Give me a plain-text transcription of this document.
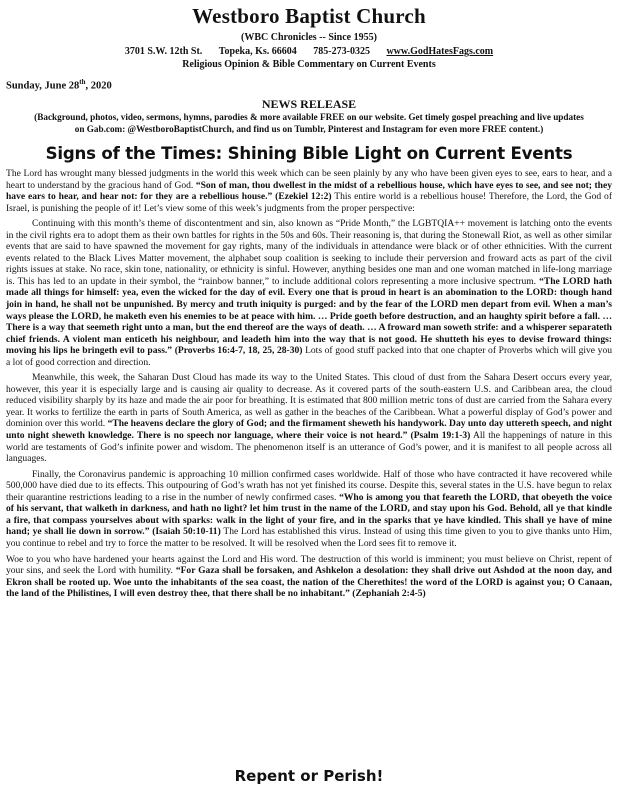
Westboro Baptist Church
(WBC Chronicles -- Since 1955)
3701 S.W. 12th St. Topeka, Ks. 66604 785-273-0325 www.GodHatesFags.com
Religious Opinion & Bible Commentary on Current Events
Sunday, June 28th, 2020
NEWS RELEASE
(Background, photos, video, sermons, hymns, parodies & more available FREE on our website. Get timely gospel preaching and live updates on Gab.com: @WestboroBaptistChurch, and find us on Tumblr, Pinterest and Instagram for even more FREE content.)
Signs of the Times: Shining Bible Light on Current Events

The Lord has wrought many blessed judgments in the world this week which can be seen plainly by any who have been given eyes to see, ears to hear, and a heart to understand by the gracious hand of God. “Son of man, thou dwellest in the midst of a rebellious house, which have eyes to see, and see not; they have ears to hear, and hear not: for they are a rebellious house.” (Ezekiel 12:2) This entire world is a rebellious house! Therefore, the Lord, the God of Israel, is punishing the people of it! Let’s view some of this week’s judgments from the proper perspective:

Continuing with this month’s theme of discontentment and sin, also known as “Pride Month,” the LGBTQIA++ movement is latching onto the events in the civil rights era to adopt them as their own battles for rights in the 50s and 60s. Their reasoning is, that during the Stonewall Riot, as well as other similar events that are said to have spawned the movement for gay rights, many of the individuals in attendance were black or of other ethnicities. With the current events related to the Black Lives Matter movement, the alphabet soup coalition is seeking to include their perversion and froward acts as part of the civil rights issues at stake. No race, skin tone, nationality, or ethnicity is sinful. However, anything besides one man and one woman matched in life-long marriage is. This has led to an update in their symbol, the “rainbow banner,” to include additional colors representing a more inclusive spectrum. “The LORD hath made all things for himself: yea, even the wicked for the day of evil. Every one that is proud in heart is an abomination to the LORD: though hand join in hand, he shall not be unpunished. By mercy and truth iniquity is purged: and by the fear of the LORD men depart from evil. When a man’s ways please the LORD, he maketh even his enemies to be at peace with him. … Pride goeth before destruction, and an haughty spirit before a fall. … There is a way that seemeth right unto a man, but the end thereof are the ways of death. … A froward man soweth strife: and a whisperer separateth chief friends. A violent man enticeth his neighbour, and leadeth him into the way that is not good. He shutteth his eyes to devise froward things: moving his lips he bringeth evil to pass.” (Proverbs 16:4-7, 18, 25, 28-30) Lots of good stuff packed into that one chapter of Proverbs which will give you a lot of good correction and direction.

Meanwhile, this week, the Saharan Dust Cloud has made its way to the United States. This cloud of dust from the Sahara Desert occurs every year, however, this year it is especially large and is causing air quality to decrease. As it covered parts of the south-eastern U.S. and Caribbean area, the cloud reduced visibility sharply by its haze and made the air poor for breathing. It is estimated that 800 million metric tons of dust are carried from the Sahara every year. It works to fertilize the earth in parts of South America, as well as gather in the beaches of the Caribbean. What a powerful display of God’s power and dominion over this world. “The heavens declare the glory of God; and the firmament sheweth his handywork. Day unto day uttereth speech, and night unto night sheweth knowledge. There is no speech nor language, where their voice is not heard.” (Psalm 19:1-3) All the happenings of nature in this world are testaments of God’s infinite power and wisdom. The phenomenon itself is an utterance of God’s power, and it is manifest to all people across all languages.

Finally, the Coronavirus pandemic is approaching 10 million confirmed cases worldwide. Half of those who have contracted it have recovered while 500,000 have died due to its effects. This outpouring of God’s wrath has not yet finished its course. Despite this, several states in the U.S. have begun to relax their quarantine restrictions leading to a rise in the number of newly confirmed cases. “Who is among you that feareth the LORD, that obeyeth the voice of his servant, that walketh in darkness, and hath no light? let him trust in the name of the LORD, and stay upon his God. Behold, all ye that kindle a fire, that compass yourselves about with sparks: walk in the light of your fire, and in the sparks that ye have kindled. This shall ye have of mine hand; ye shall lie down in sorrow.” (Isaiah 50:10-11) The Lord has established this virus. Instead of using this time given to you to give thanks unto Him, you continue to rebel and try to force the matter to be resolved. It will be resolved when the Lord sees fit to remove it.

Woe to you who have hardened your hearts against the Lord and His word. The destruction of this world is imminent; you must believe on Christ, repent of your sins, and seek the Lord with humility. “For Gaza shall be forsaken, and Ashkelon a desolation: they shall drive out Ashdod at the noon day, and Ekron shall be rooted up. Woe unto the inhabitants of the sea coast, the nation of the Cherethites! the word of the LORD is against you; O Canaan, the land of the Philistines, I will even destroy thee, that there shall be no inhabitant.” (Zephaniah 2:4-5)

Repent or Perish!
